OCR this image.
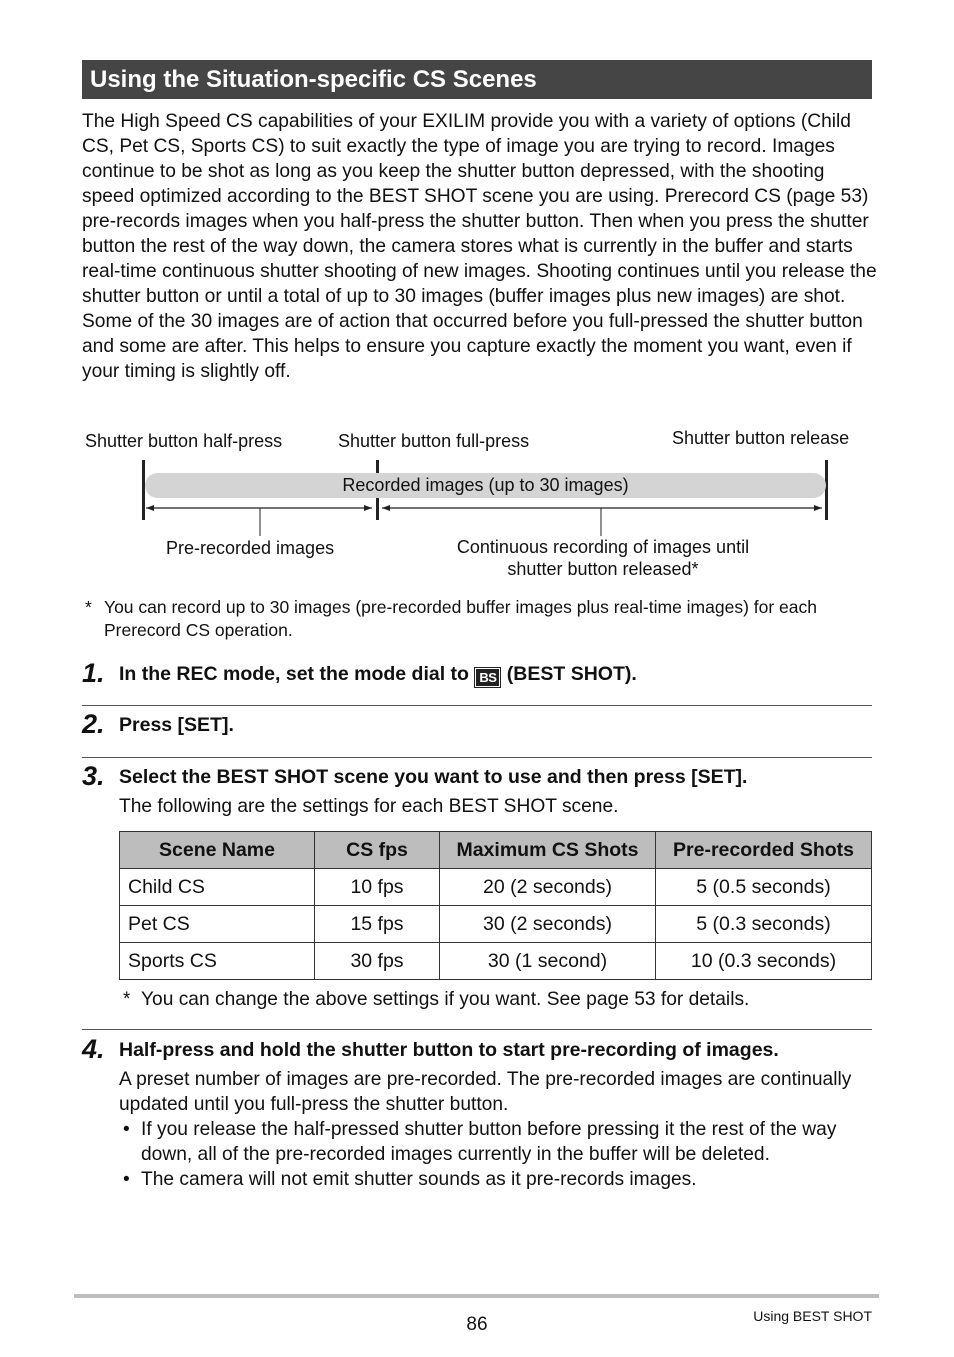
Using the Situation-specific CS Scenes

The High Speed CS capabilities of your EXILIM provide you with a variety of options (Child CS, Pet CS, Sports CS) to suit exactly the type of image you are trying to record. Images continue to be shot as long as you keep the shutter button depressed, with the shooting speed optimized according to the BEST SHOT scene you are using. Prerecord CS (page 53) pre-records images when you half-press the shutter button. Then when you press the shutter button the rest of the way down, the camera stores what is currently in the buffer and starts real-time continuous shutter shooting of new images. Shooting continues until you release the shutter button or until a total of up to 30 images (buffer images plus new images) are shot. Some of the 30 images are of action that occurred before you full-pressed the shutter button and some are after. This helps to ensure you capture exactly the moment you want, even if your timing is slightly off.

Shutter button half-press	Shutter button full-press	Shutter button release
Recorded images (up to 30 images)
Pre-recorded images	Continuous recording of images until
shutter button released*
* You can record up to 30 images (pre-recorded buffer images plus real-time images) for each Prerecord CS operation.
1. In the REC mode, set the mode dial to BS (BEST SHOT).
2. Press [SET].
3. Select the BEST SHOT scene you want to use and then press [SET].
The following are the settings for each BEST SHOT scene.
Scene Name	CS fps	Maximum CS Shots	Pre-recorded Shots
Child CS	10 fps	20 (2 seconds)	5 (0.5 seconds)
Pet CS	15 fps	30 (2 seconds)	5 (0.3 seconds)
Sports CS	30 fps	30 (1 second)	10 (0.3 seconds)
* You can change the above settings if you want. See page 53 for details.
4. Half-press and hold the shutter button to start pre-recording of images.
A preset number of images are pre-recorded. The pre-recorded images are continually updated until you full-press the shutter button.
• If you release the half-pressed shutter button before pressing it the rest of the way down, all of the pre-recorded images currently in the buffer will be deleted.
• The camera will not emit shutter sounds as it pre-records images.
86	Using BEST SHOT
